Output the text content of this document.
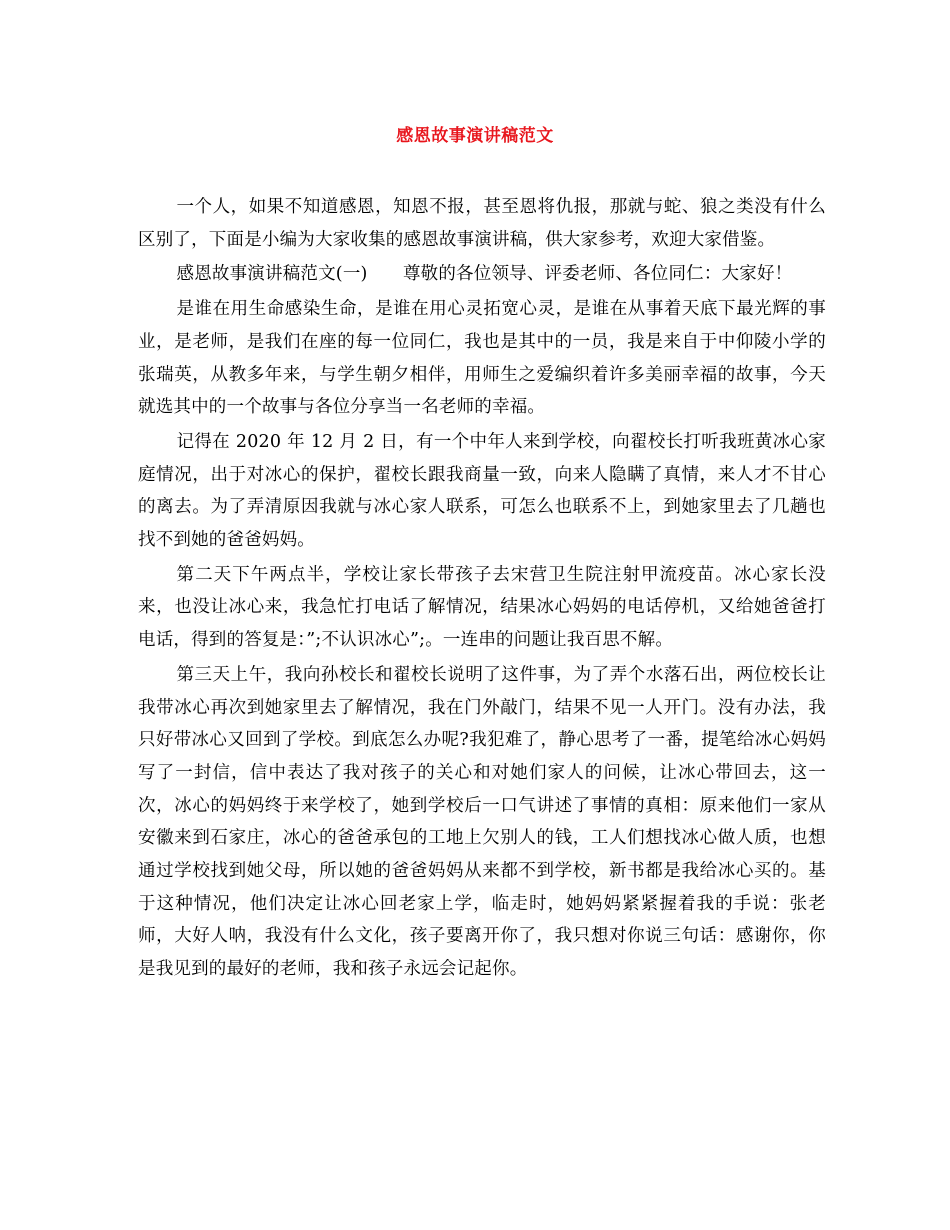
感恩故事演讲稿范文

一个人，如果不知道感恩，知恩不报，甚至恩将仇报，那就与蛇、狼之类没有什么区别了，下面是小编为大家收集的感恩故事演讲稿，供大家参考，欢迎大家借鉴。

感恩故事演讲稿范文(一)　　尊敬的各位领导、评委老师、各位同仁：大家好！

是谁在用生命感染生命，是谁在用心灵拓宽心灵，是谁在从事着天底下最光辉的事业，是老师，是我们在座的每一位同仁，我也是其中的一员，我是来自于中仰陵小学的张瑞英，从教多年来，与学生朝夕相伴，用师生之爱编织着许多美丽幸福的故事，今天就选其中的一个故事与各位分享当一名老师的幸福。

记得在 2020 年 12 月 2 日，有一个中年人来到学校，向翟校长打听我班黄冰心家庭情况，出于对冰心的保护，翟校长跟我商量一致，向来人隐瞒了真情，来人才不甘心的离去。为了弄清原因我就与冰心家人联系，可怎么也联系不上，到她家里去了几趟也找不到她的爸爸妈妈。

第二天下午两点半，学校让家长带孩子去宋营卫生院注射甲流疫苗。冰心家长没来，也没让冰心来，我急忙打电话了解情况，结果冰心妈妈的电话停机，又给她爸爸打电话，得到的答复是：”;不认识冰心”;。一连串的问题让我百思不解。

第三天上午，我向孙校长和翟校长说明了这件事，为了弄个水落石出，两位校长让我带冰心再次到她家里去了解情况，我在门外敲门，结果不见一人开门。没有办法，我只好带冰心又回到了学校。到底怎么办呢?我犯难了，静心思考了一番，提笔给冰心妈妈写了一封信，信中表达了我对孩子的关心和对她们家人的问候，让冰心带回去，这一次，冰心的妈妈终于来学校了，她到学校后一口气讲述了事情的真相：原来他们一家从安徽来到石家庄，冰心的爸爸承包的工地上欠别人的钱，工人们想找冰心做人质，也想通过学校找到她父母，所以她的爸爸妈妈从来都不到学校，新书都是我给冰心买的。基于这种情况，他们决定让冰心回老家上学，临走时，她妈妈紧紧握着我的手说：张老师，大好人呐，我没有什么文化，孩子要离开你了，我只想对你说三句话：感谢你，你是我见到的最好的老师，我和孩子永远会记起你。
